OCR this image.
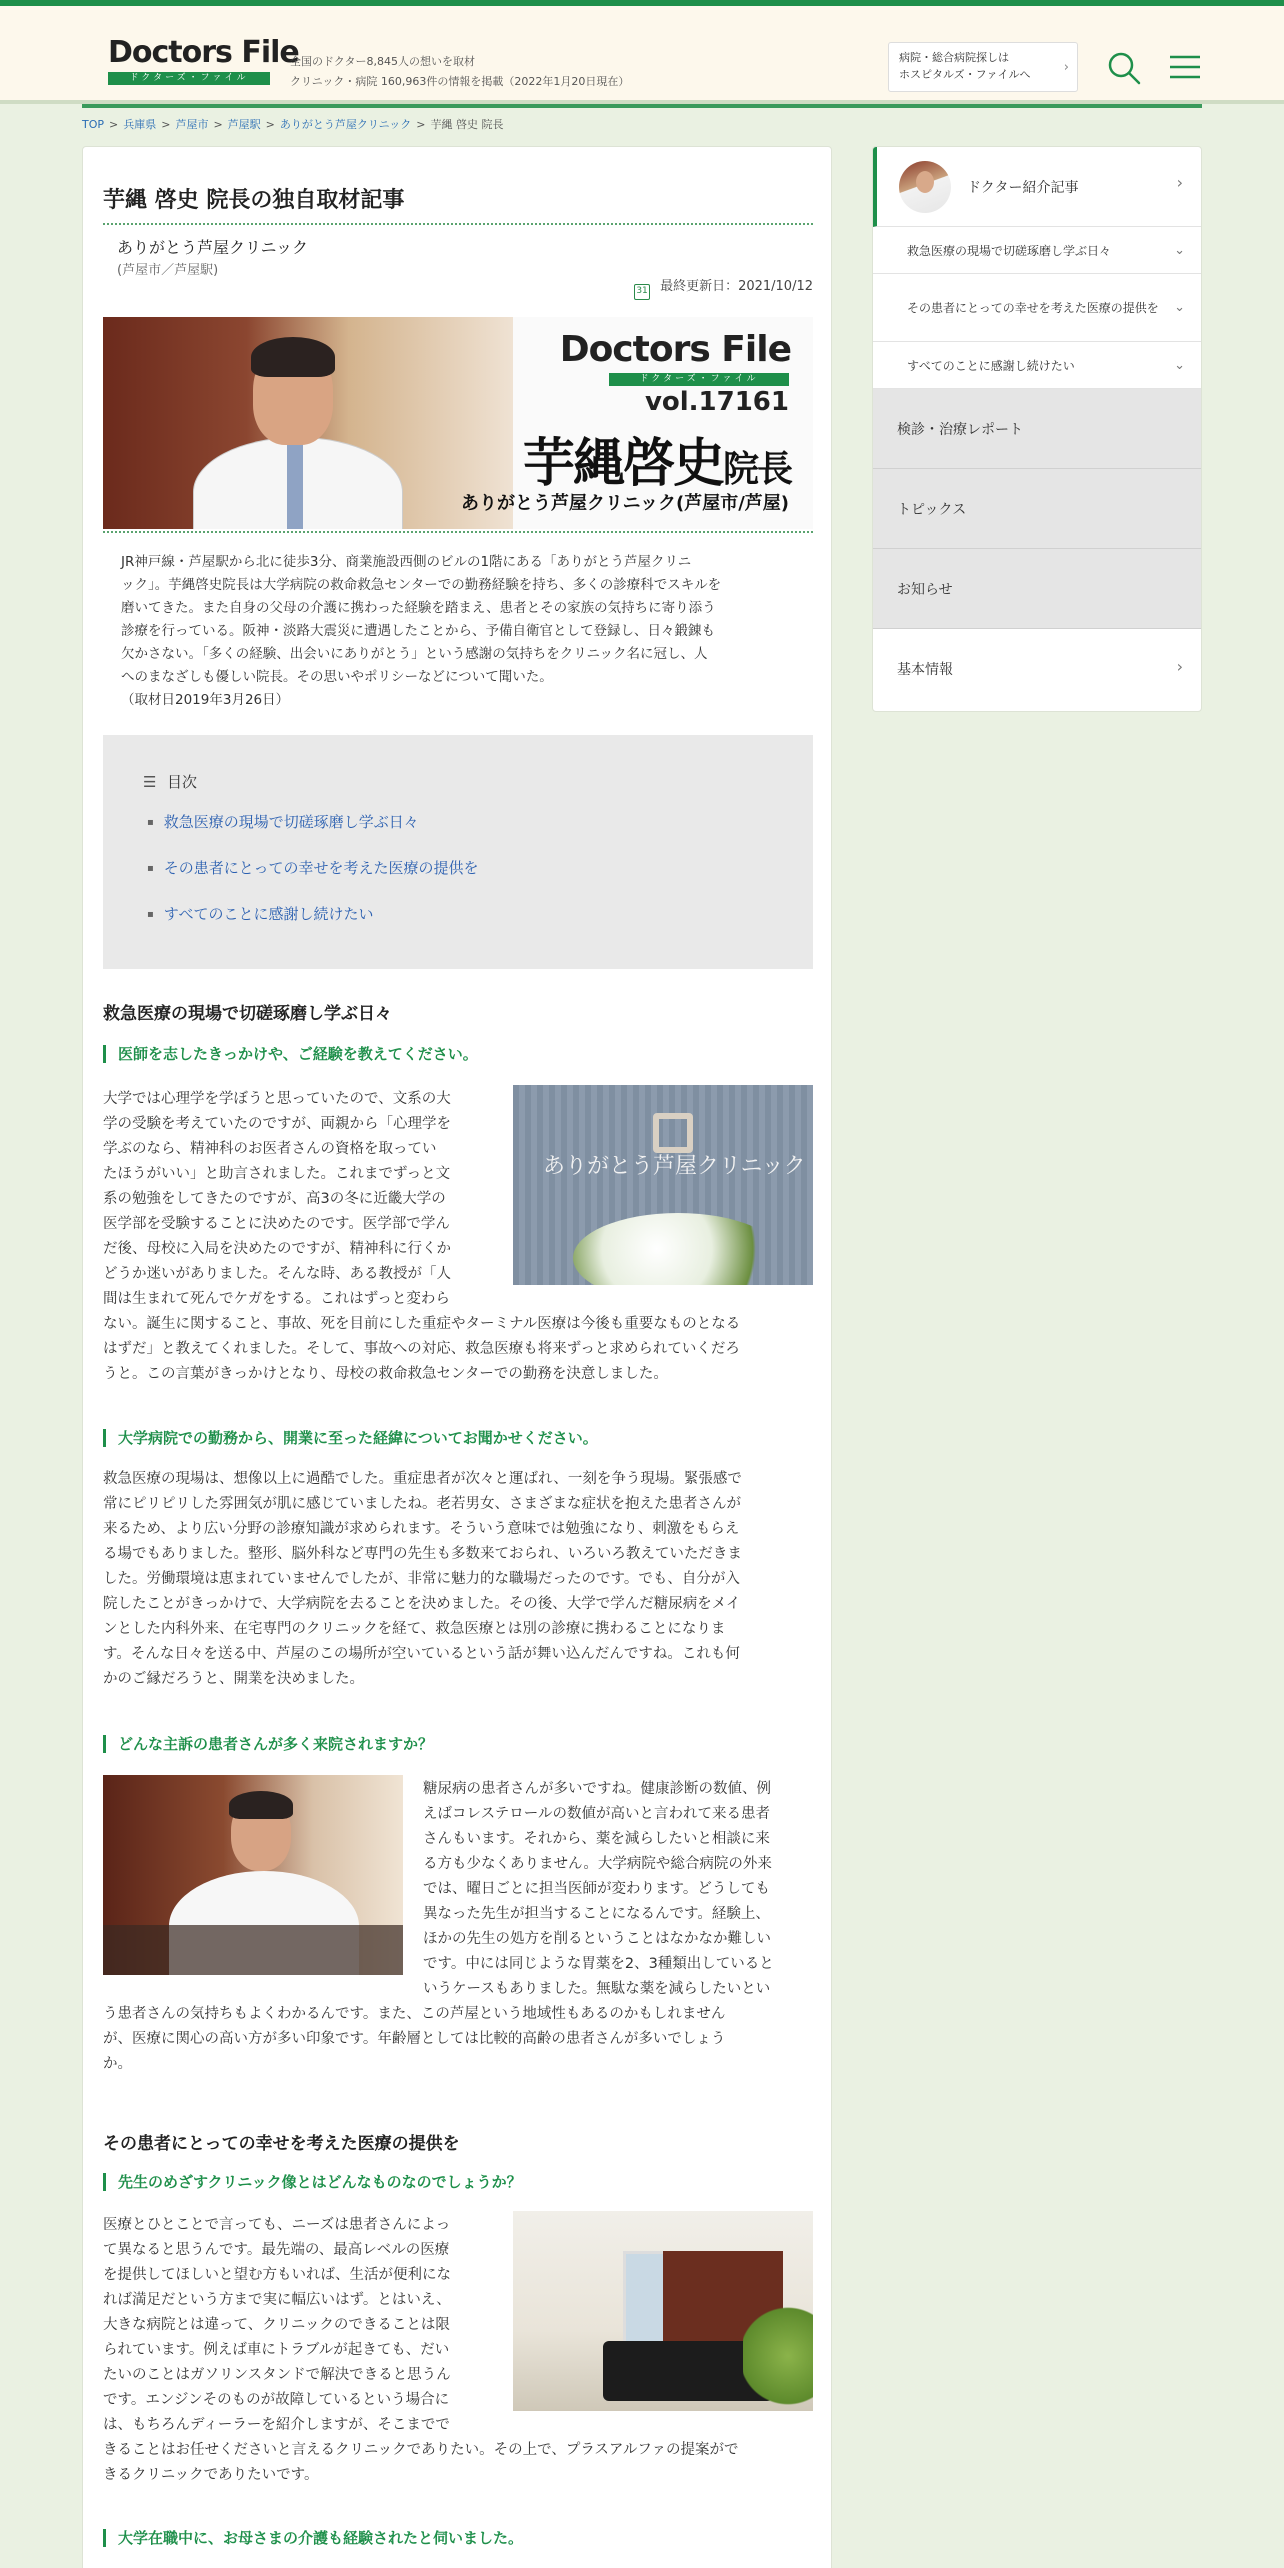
Doctors File
ドクターズ・ファイル
全国のドクター8,845人の想いを取材
クリニック・病院 160,963件の情報を掲載（2022年1月20日現在）
病院・総合病院探しは
ホスピタルズ・ファイルへ	›
TOP > 兵庫県 > 芦屋市 > 芦屋駅 > ありがとう芦屋クリニック > 芋縄 啓史 院長
芋縄 啓史 院長の独自取材記事
ありがとう芦屋クリニック
(芦屋市／芦屋駅)
31 最終更新日：2021/10/12
Doctors File
ドクターズ・ファイル
vol.17161
芋縄啓史院長
ありがとう芦屋クリニック(芦屋市/芦屋)
JR神戸線・芦屋駅から北に徒歩3分、商業施設西側のビルの1階にある「ありがとう芦屋クリニ
ック」。芋縄啓史院長は大学病院の救命救急センターでの勤務経験を持ち、多くの診療科でスキルを
磨いてきた。また自身の父母の介護に携わった経験を踏まえ、患者とその家族の気持ちに寄り添う
診療を行っている。阪神・淡路大震災に遭遇したことから、予備自衛官として登録し、日々鍛錬も
欠かさない。「多くの経験、出会いにありがとう」という感謝の気持ちをクリニック名に冠し、人
へのまなざしも優しい院長。その思いやポリシーなどについて聞いた。
（取材日2019年3月26日）
☰ 目次
▪ 救急医療の現場で切磋琢磨し学ぶ日々
▪ その患者にとっての幸せを考えた医療の提供を
▪ すべてのことに感謝し続けたい
救急医療の現場で切磋琢磨し学ぶ日々
医師を志したきっかけや、ご経験を教えてください。
ありがとう芦屋クリニック
大学では心理学を学ぼうと思っていたので、文系の大
学の受験を考えていたのですが、両親から「心理学を
学ぶのなら、精神科のお医者さんの資格を取ってい
たほうがいい」と助言されました。これまでずっと文
系の勉強をしてきたのですが、高3の冬に近畿大学の
医学部を受験することに決めたのです。医学部で学ん
だ後、母校に入局を決めたのですが、精神科に行くか
どうか迷いがありました。そんな時、ある教授が「人
間は生まれて死んでケガをする。これはずっと変わら
ない。誕生に関すること、事故、死を目前にした重症やターミナル医療は今後も重要なものとなる
はずだ」と教えてくれました。そして、事故への対応、救急医療も将来ずっと求められていくだろ
うと。この言葉がきっかけとなり、母校の救命救急センターでの勤務を決意しました。
大学病院での勤務から、開業に至った経緯についてお聞かせください。
救急医療の現場は、想像以上に過酷でした。重症患者が次々と運ばれ、一刻を争う現場。緊張感で
常にピリピリした雰囲気が肌に感じていましたね。老若男女、さまざまな症状を抱えた患者さんが
来るため、より広い分野の診療知識が求められます。そういう意味では勉強になり、刺激をもらえ
る場でもありました。整形、脳外科など専門の先生も多数来ておられ、いろいろ教えていただきま
した。労働環境は恵まれていませんでしたが、非常に魅力的な職場だったのです。でも、自分が入
院したことがきっかけで、大学病院を去ることを決めました。その後、大学で学んだ糖尿病をメイ
ンとした内科外来、在宅専門のクリニックを経て、救急医療とは別の診療に携わることになりま
す。そんな日々を送る中、芦屋のこの場所が空いているという話が舞い込んだんですね。これも何
かのご縁だろうと、開業を決めました。
どんな主訴の患者さんが多く来院されますか？
糖尿病の患者さんが多いですね。健康診断の数値、例
えばコレステロールの数値が高いと言われて来る患者
さんもいます。それから、薬を減らしたいと相談に来
る方も少なくありません。大学病院や総合病院の外来
では、曜日ごとに担当医師が変わります。どうしても
異なった先生が担当することになるんです。経験上、
ほかの先生の処方を削るということはなかなか難しい
です。中には同じような胃薬を2、3種類出していると
いうケースもありました。無駄な薬を減らしたいとい
う患者さんの気持ちもよくわかるんです。また、この芦屋という地域性もあるのかもしれません
が、医療に関心の高い方が多い印象です。年齢層としては比較的高齢の患者さんが多いでしょう
か。
その患者にとっての幸せを考えた医療の提供を
先生のめざすクリニック像とはどんなものなのでしょうか？
医療とひとことで言っても、ニーズは患者さんによっ
て異なると思うんです。最先端の、最高レベルの医療
を提供してほしいと望む方もいれば、生活が便利にな
れば満足だという方まで実に幅広いはず。とはいえ、
大きな病院とは違って、クリニックのできることは限
られています。例えば車にトラブルが起きても、だい
たいのことはガソリンスタンドで解決できると思うん
です。エンジンそのものが故障しているという場合に
は、もちろんディーラーを紹介しますが、そこまでで
きることはお任せくださいと言えるクリニックでありたい。その上で、プラスアルファの提案がで
きるクリニックでありたいです。
大学在職中に、お母さまの介護も経験されたと伺いました。
ドクター紹介記事	›
救急医療の現場で切磋琢磨し学ぶ日々	⌄
その患者にとっての幸せを考えた医療の提供を ⌄
すべてのことに感謝し続けたい	⌄
検診・治療レポート
トピックス
お知らせ
基本情報	›
